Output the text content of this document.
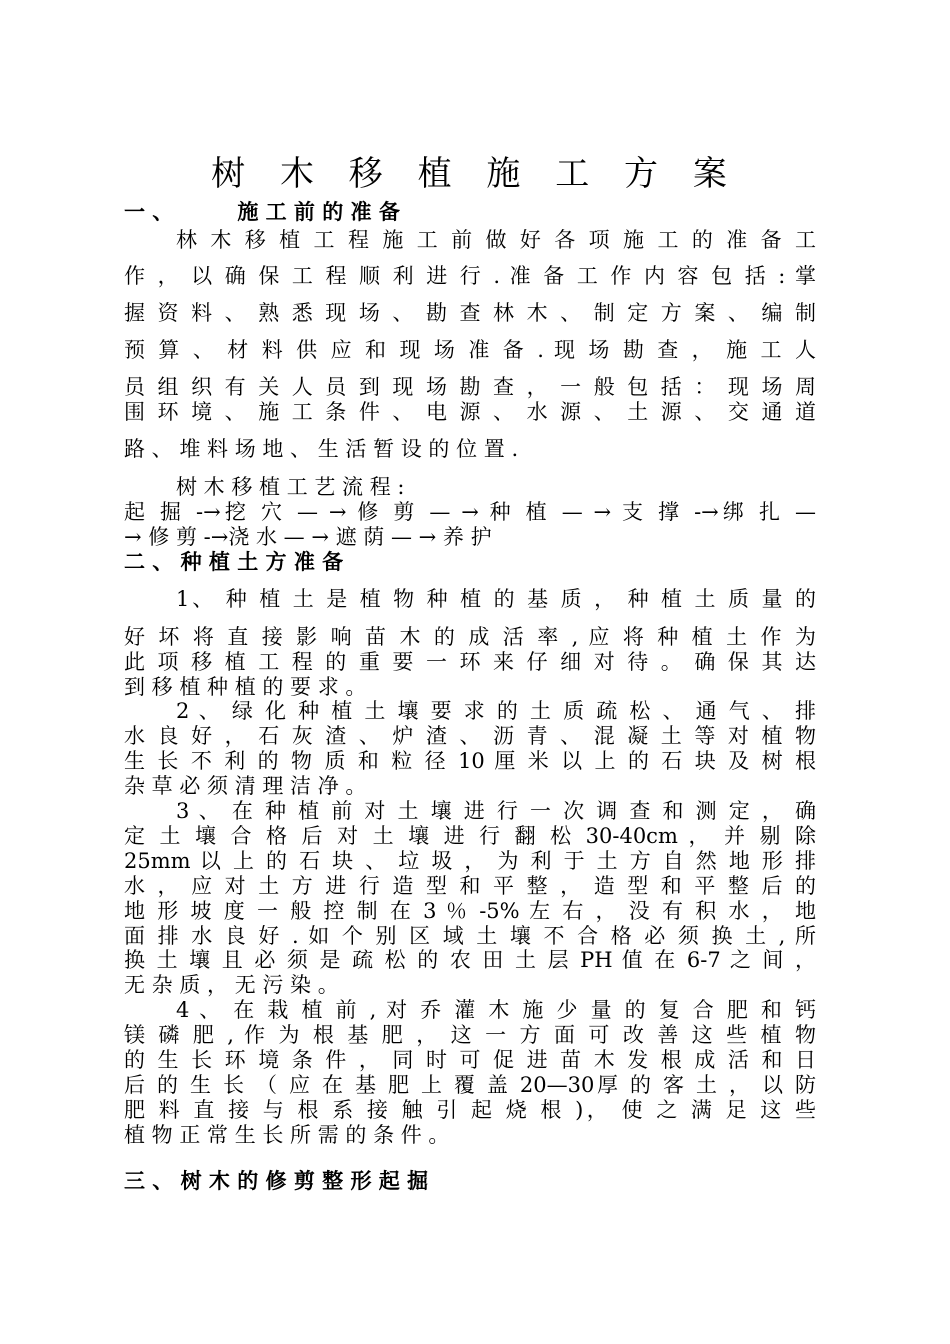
树 木 移 植 施 工 方 案
一 、	施 工 前 的 准 备
林 木 移 植 工 程 施 工 前 做 好 各 项 施 工 的 准 备 工
作 ， 以 确 保 工 程 顺 利 进 行 . 准 备 工 作 内 容 包 括 : 掌
握 资 料 、 熟 悉 现 场 、 勘 查 林 木 、 制 定 方 案 、 编 制
预 算 、 材 料 供 应 和 现 场 准 备 . 现 场 勘 查 ， 施 工 人
员 组 织 有 关 人 员 到 现 场 勘 查 ， 一 般 包 括 ： 现 场 周
围 环 境 、 施 工 条 件 、 电 源 、 水 源 、 土 源 、 交 通 道
路 、 堆 料 场 地 、 生 活 暂 设 的 位 置 .
树 木 移 植 工 艺 流 程 :
起 掘 -→挖 穴 — → 修 剪 — → 种 植 — → 支 撑 -→绑 扎 —
→ 修 剪 -→浇 水 — → 遮 荫 — → 养 护
二 、 种 植 土 方 准 备
1、 种 植 土 是 植 物 种 植 的 基 质 ， 种 植 土 质 量 的
好 坏 将 直 接 影 响 苗 木 的 成 活 率 , 应 将 种 植 土 作 为
此 项 移 植 工 程 的 重 要 一 环 来 仔 细 对 待 。 确 保 其 达
到 移 植 种 植 的 要 求 。
2 、 绿 化 种 植 土 壤 要 求 的 土 质 疏 松 、 通 气 、 排
水 良 好 ， 石 灰 渣 、 炉 渣 、 沥 青 、 混 凝 土 等 对 植 物
生 长 不 利 的 物 质 和 粒 径 10 厘 米 以 上 的 石 块 及 树 根
杂 草 必 须 清 理 洁 净 。
3 、 在 种 植 前 对 土 壤 进 行 一 次 调 查 和 测 定 ， 确
定 土 壤 合 格 后 对 土 壤 进 行 翻 松 30-40cm ， 并 剔 除
25mm 以 上 的 石 块 、 垃 圾 ， 为 利 于 土 方 自 然 地 形 排
水 ， 应 对 土 方 进 行 造 型 和 平 整 ， 造 型 和 平 整 后 的
地 形 坡 度 一 般 控 制 在 3 ％ -5% 左 右 ， 没 有 积 水 ， 地
面 排 水 良 好 . 如 个 别 区 域 土 壤 不 合 格 必 须 换 土 , 所
换 土 壤 且 必 须 是 疏 松 的 农 田 土 层 PH 值 在 6-7 之 间 ，
无 杂 质 ， 无 污 染 。
4 、 在 栽 植 前 , 对 乔 灌 木 施 少 量 的 复 合 肥 和 钙
镁 磷 肥 , 作 为 根 基 肥 ， 这 一 方 面 可 改 善 这 些 植 物
的 生 长 环 境 条 件 ， 同 时 可 促 进 苗 木 发 根 成 活 和 日
后 的 生 长 （ 应 在 基 肥 上 覆 盖 20—30厚 的 客 土 ， 以 防
肥 料 直 接 与 根 系 接 触 引 起 烧 根 )， 使 之 满 足 这 些
植 物 正 常 生 长 所 需 的 条 件 。
三 、 树 木 的 修 剪 整 形 起 掘
